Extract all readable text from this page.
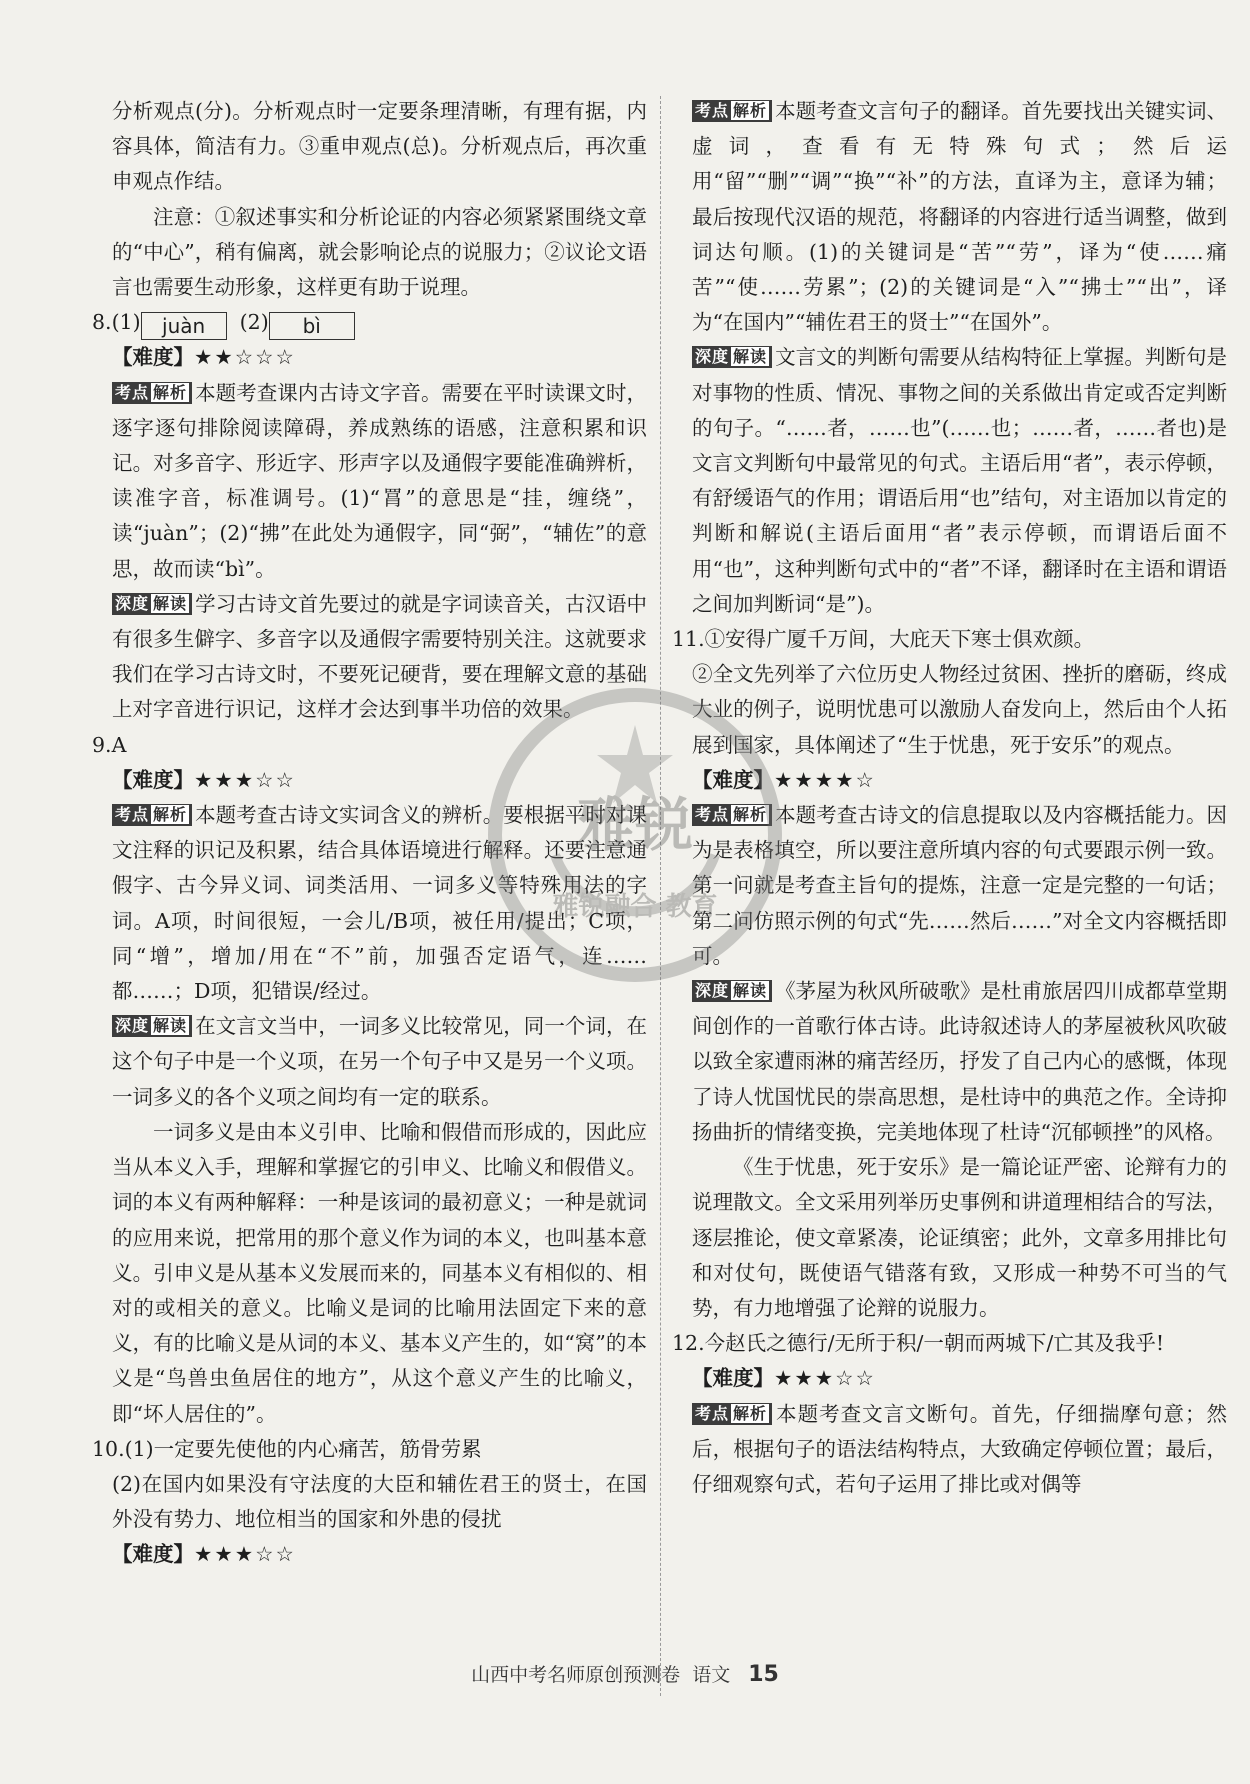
分析观点(分)。分析观点时一定要条理清晰，有理有据，内容具体，简洁有力。③重申观点(总)。分析观点后，再次重申观点作结。

注意：①叙述事实和分析论证的内容必须紧紧围绕文章的“中心”，稍有偏离，就会影响论点的说服力；②议论文语言也需要生动形象，这样更有助于说理。

8.(1) juàn (2) bì

【难度】★★☆☆☆

考点 解析 本题考查课内古诗文字音。需要在平时读课文时，逐字逐句排除阅读障碍，养成熟练的语感，注意积累和识记。对多音字、形近字、形声字以及通假字要能准确辨析，读准字音，标准调号。(1)“罥”的意思是“挂，缠绕”，读“juàn”；(2)“拂”在此处为通假字，同“弼”，“辅佐”的意思，故而读“bì”。

深度 解读 学习古诗文首先要过的就是字词读音关，古汉语中有很多生僻字、多音字以及通假字需要特别关注。这就要求我们在学习古诗文时，不要死记硬背，要在理解文意的基础上对字音进行识记，这样才会达到事半功倍的效果。

9.A

【难度】★★★☆☆

考点 解析 本题考查古诗文实词含义的辨析。要根据平时对课文注释的识记及积累，结合具体语境进行解释。还要注意通假字、古今异义词、词类活用、一词多义等特殊用法的字词。A项，时间很短，一会儿/B项，被任用/提出；C项，同“增”，增加/用在“不”前，加强否定语气，连……都……；D项，犯错误/经过。

深度 解读 在文言文当中，一词多义比较常见，同一个词，在这个句子中是一个义项，在另一个句子中又是另一个义项。一词多义的各个义项之间均有一定的联系。

一词多义是由本义引申、比喻和假借而形成的，因此应当从本义入手，理解和掌握它的引申义、比喻义和假借义。词的本义有两种解释：一种是该词的最初意义；一种是就词的应用来说，把常用的那个意义作为词的本义，也叫基本意义。引申义是从基本义发展而来的，同基本义有相似的、相对的或相关的意义。比喻义是词的比喻用法固定下来的意义，有的比喻义是从词的本义、基本义产生的，如“窝”的本义是“鸟兽虫鱼居住的地方”，从这个意义产生的比喻义，即“坏人居住的”。

10.(1)一定要先使他的内心痛苦，筋骨劳累

(2)在国内如果没有守法度的大臣和辅佐君王的贤士，在国外没有势力、地位相当的国家和外患的侵扰

【难度】★★★☆☆

考点 解析 本题考查文言句子的翻译。首先要找出关键实词、虚词，查看有无特殊句式；然后运用“留”“删”“调”“换”“补”的方法，直译为主，意译为辅；最后按现代汉语的规范，将翻译的内容进行适当调整，做到词达句顺。(1)的关键词是“苦”“劳”，译为“使……痛苦”“使……劳累”；(2)的关键词是“入”“拂士”“出”，译为“在国内”“辅佐君王的贤士”“在国外”。

深度 解读 文言文的判断句需要从结构特征上掌握。判断句是对事物的性质、情况、事物之间的关系做出肯定或否定判断的句子。“……者，……也”(……也；……者，……者也)是文言文判断句中最常见的句式。主语后用“者”，表示停顿，有舒缓语气的作用；谓语后用“也”结句，对主语加以肯定的判断和解说(主语后面用“者”表示停顿，而谓语后面不用“也”，这种判断句式中的“者”不译，翻译时在主语和谓语之间加判断词“是”)。

11.①安得广厦千万间，大庇天下寒士俱欢颜。

②全文先列举了六位历史人物经过贫困、挫折的磨砺，终成大业的例子，说明忧患可以激励人奋发向上，然后由个人拓展到国家，具体阐述了“生于忧患，死于安乐”的观点。

【难度】★★★★☆

考点 解析 本题考查古诗文的信息提取以及内容概括能力。因为是表格填空，所以要注意所填内容的句式要跟示例一致。第一问就是考查主旨句的提炼，注意一定是完整的一句话；第二问仿照示例的句式“先……然后……”对全文内容概括即可。

深度 解读 《茅屋为秋风所破歌》是杜甫旅居四川成都草堂期间创作的一首歌行体古诗。此诗叙述诗人的茅屋被秋风吹破以致全家遭雨淋的痛苦经历，抒发了自己内心的感慨，体现了诗人忧国忧民的崇高思想，是杜诗中的典范之作。全诗抑扬曲折的情绪变换，完美地体现了杜诗“沉郁顿挫”的风格。

《生于忧患，死于安乐》是一篇论证严密、论辩有力的说理散文。全文采用列举历史事例和讲道理相结合的写法，逐层推论，使文章紧凑，论证缜密；此外，文章多用排比句和对仗句，既使语气错落有致，又形成一种势不可当的气势，有力地增强了论辩的说服力。

12.今赵氏之德行/无所于积/一朝而两城下/亡其及我乎!

【难度】★★★☆☆

考点 解析 本题考查文言文断句。首先，仔细揣摩句意；然后，根据句子的语法结构特点，大致确定停顿位置；最后，仔细观察句式，若句子运用了排比或对偶等

雅锐
雅锐融合 教育
山西中考名师原创预测卷 语文 15
